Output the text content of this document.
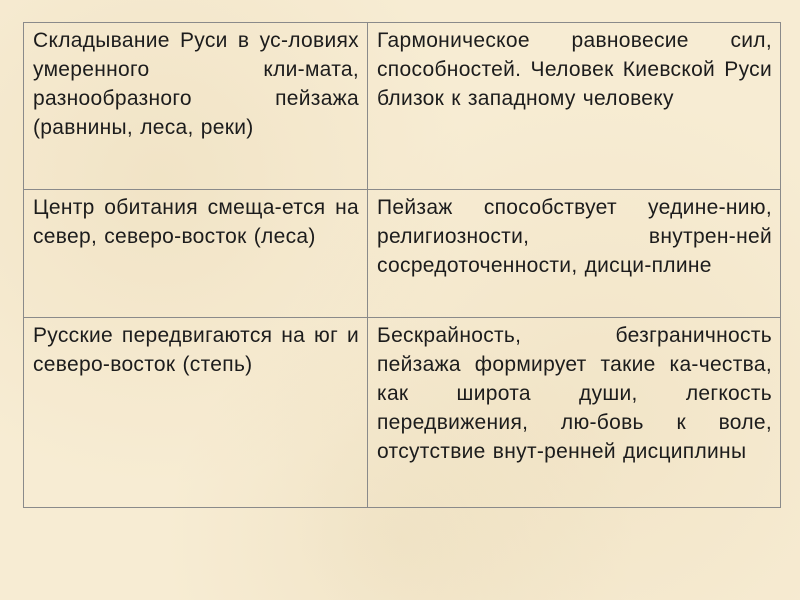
Складывание Руси в ус-ловиях умеренного кли-мата, разнообразного пейзажа (равнины, леса, реки)	Гармоническое равновесие сил, способностей. Человек Киевской Руси близок к западному человеку

Центр обитания смеща-ется на север, северо-восток (леса)	Пейзаж способствует уедине-нию, религиозности, внутрен-ней сосредоточенности, дисци-плине

Русские передвигаются на юг и северо-восток (степь)	Бескрайность, безграничность пейзажа формирует такие ка-чества, как широта души, легкость передвижения, лю-бовь к воле, отсутствие внут-ренней дисциплины
